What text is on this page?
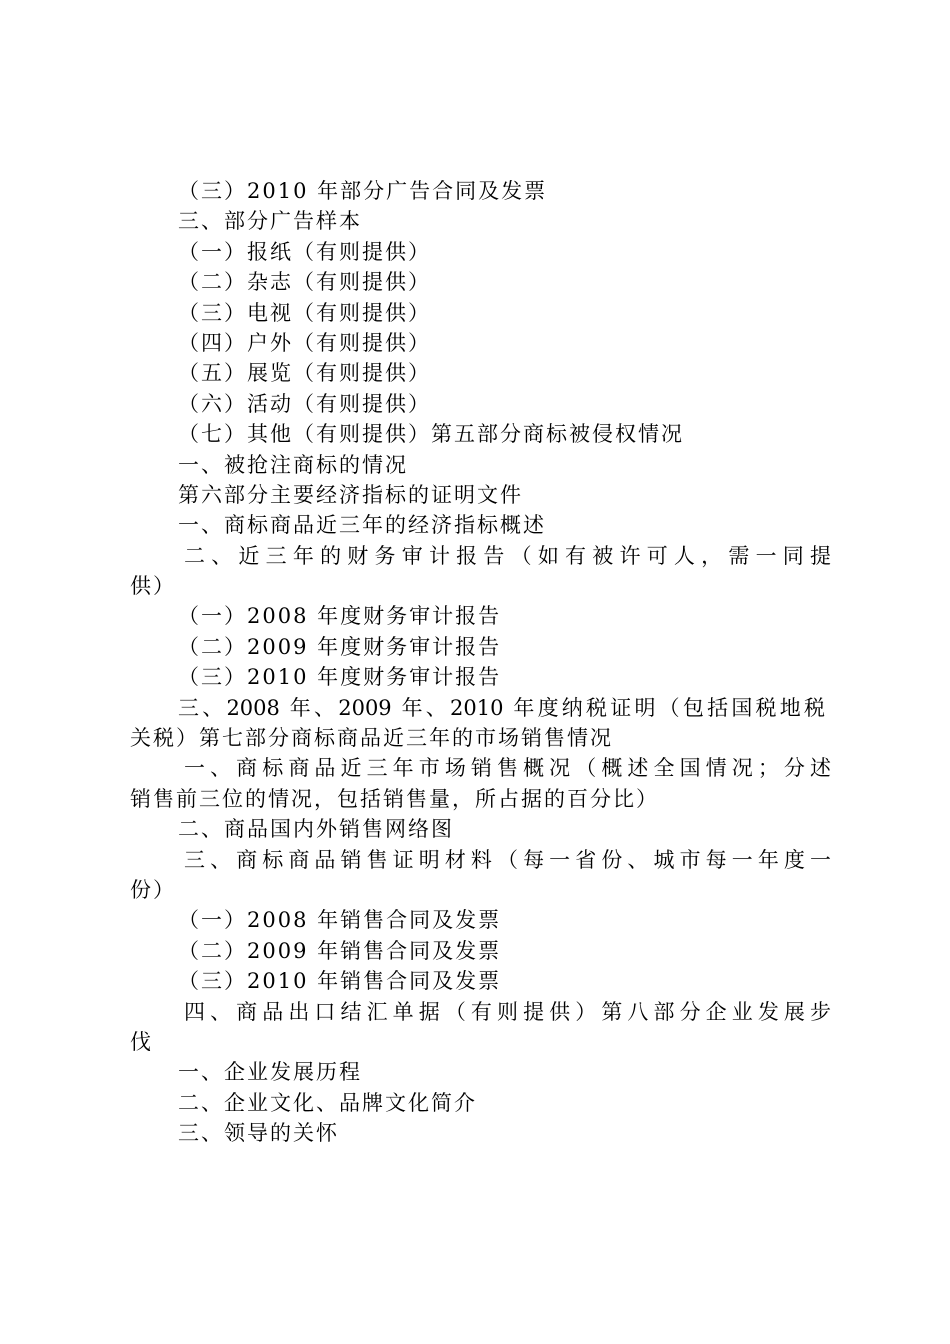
（三）2010 年部分广告合同及发票
三、部分广告样本
（一）报纸（有则提供）
（二）杂志（有则提供）
（三）电视（有则提供）
（四）户外（有则提供）
（五）展览（有则提供）
（六）活动（有则提供）
（七）其他（有则提供）第五部分商标被侵权情况
一、被抢注商标的情况
第六部分主要经济指标的证明文件
一、商标商品近三年的经济指标概述
二、近三年的财务审计报告（如有被许可人，需一同提
供）
（一）2008 年度财务审计报告
（二）2009 年度财务审计报告
（三）2010 年度财务审计报告
三、2008 年、2009 年、2010 年度纳税证明（包括国税地税
关税）第七部分商标商品近三年的市场销售情况
一、商标商品近三年市场销售概况（概述全国情况；分述
销售前三位的情况，包括销售量，所占据的百分比）
二、商品国内外销售网络图
三、商标商品销售证明材料（每一省份、城市每一年度一
份）
（一）2008 年销售合同及发票
（二）2009 年销售合同及发票
（三）2010 年销售合同及发票
四、商品出口结汇单据（有则提供）第八部分企业发展步
伐
一、企业发展历程
二、企业文化、品牌文化简介
三、领导的关怀
